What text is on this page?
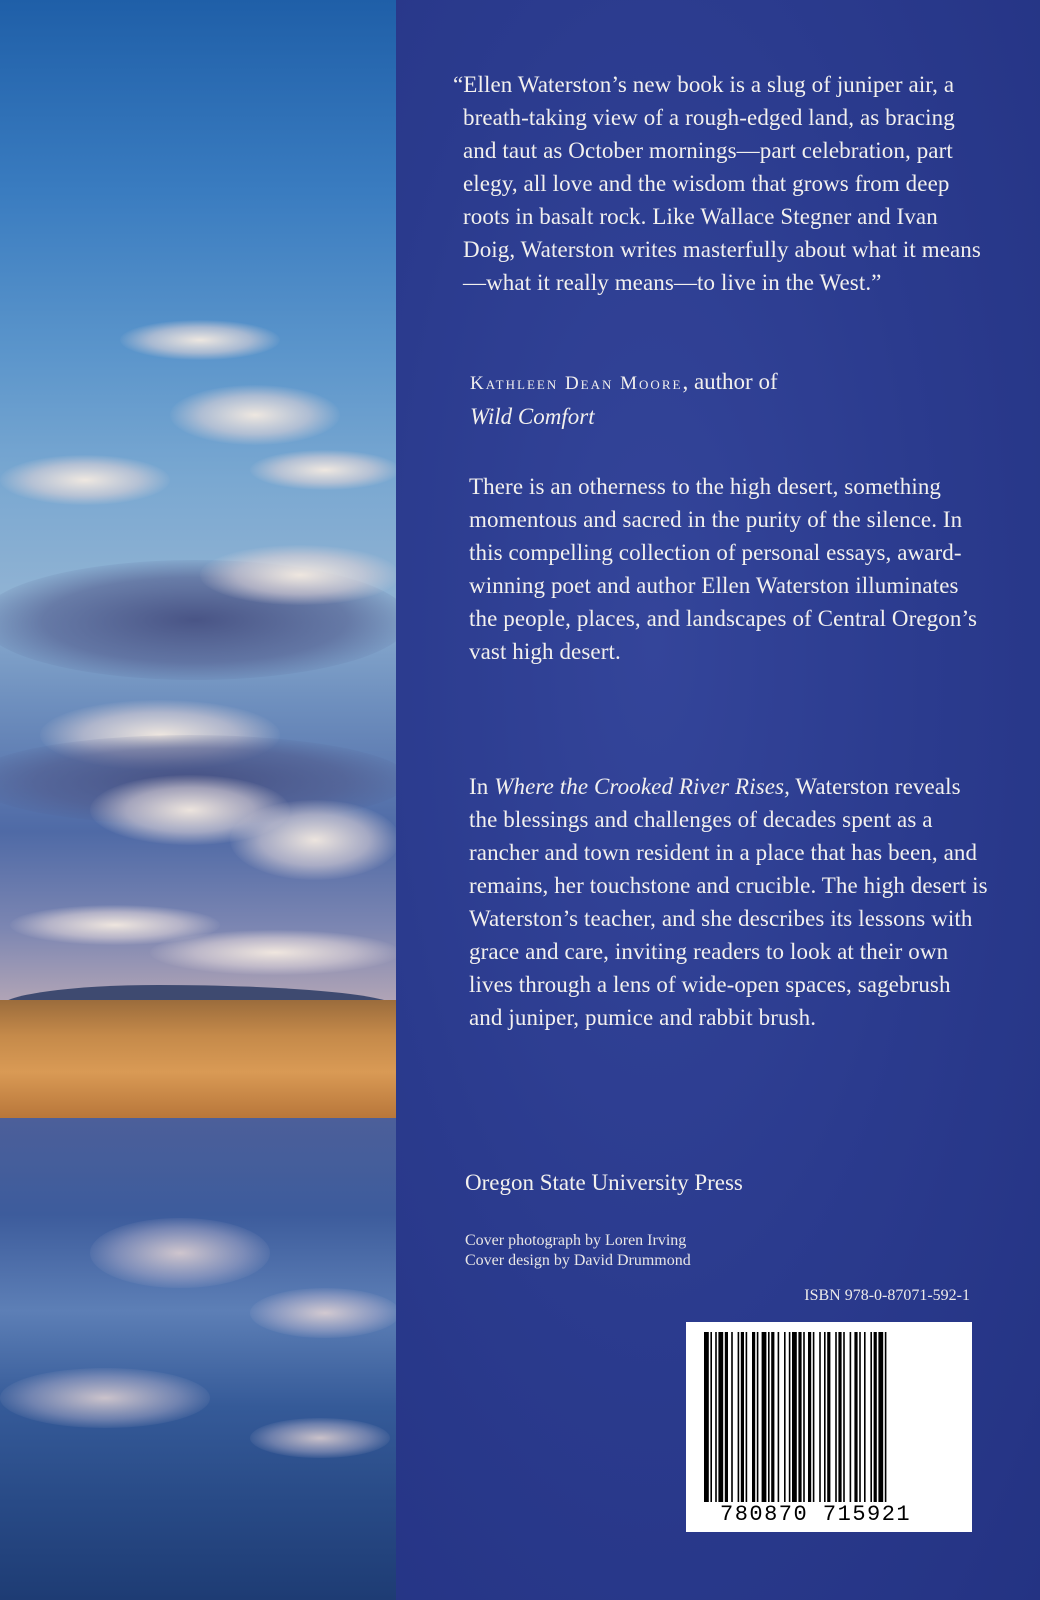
“Ellen Waterston’s new book is a slug of juniper air, a breath-taking view of a rough-edged land, as bracing and taut as October mornings—part celebration, part elegy, all love and the wisdom that grows from deep roots in basalt rock. Like Wallace Stegner and Ivan Doig, Waterston writes masterfully about what it means—what it really means—to live in the West.”
Kathleen Dean Moore, author of
Wild Comfort
There is an otherness to the high desert, something momentous and sacred in the purity of the silence. In this compelling collection of personal essays, award-winning poet and author Ellen Waterston illuminates the people, places, and landscapes of Central Oregon’s vast high desert.
In Where the Crooked River Rises, Waterston reveals the blessings and challenges of decades spent as a rancher and town resident in a place that has been, and remains, her touchstone and crucible. The high desert is Waterston’s teacher, and she describes its lessons with grace and care, inviting readers to look at their own lives through a lens of wide-open spaces, sagebrush and juniper, pumice and rabbit brush.
Oregon State University Press
Cover photograph by Loren Irving
Cover design by David Drummond
ISBN 978-0-87071-592-1
780870 715921
